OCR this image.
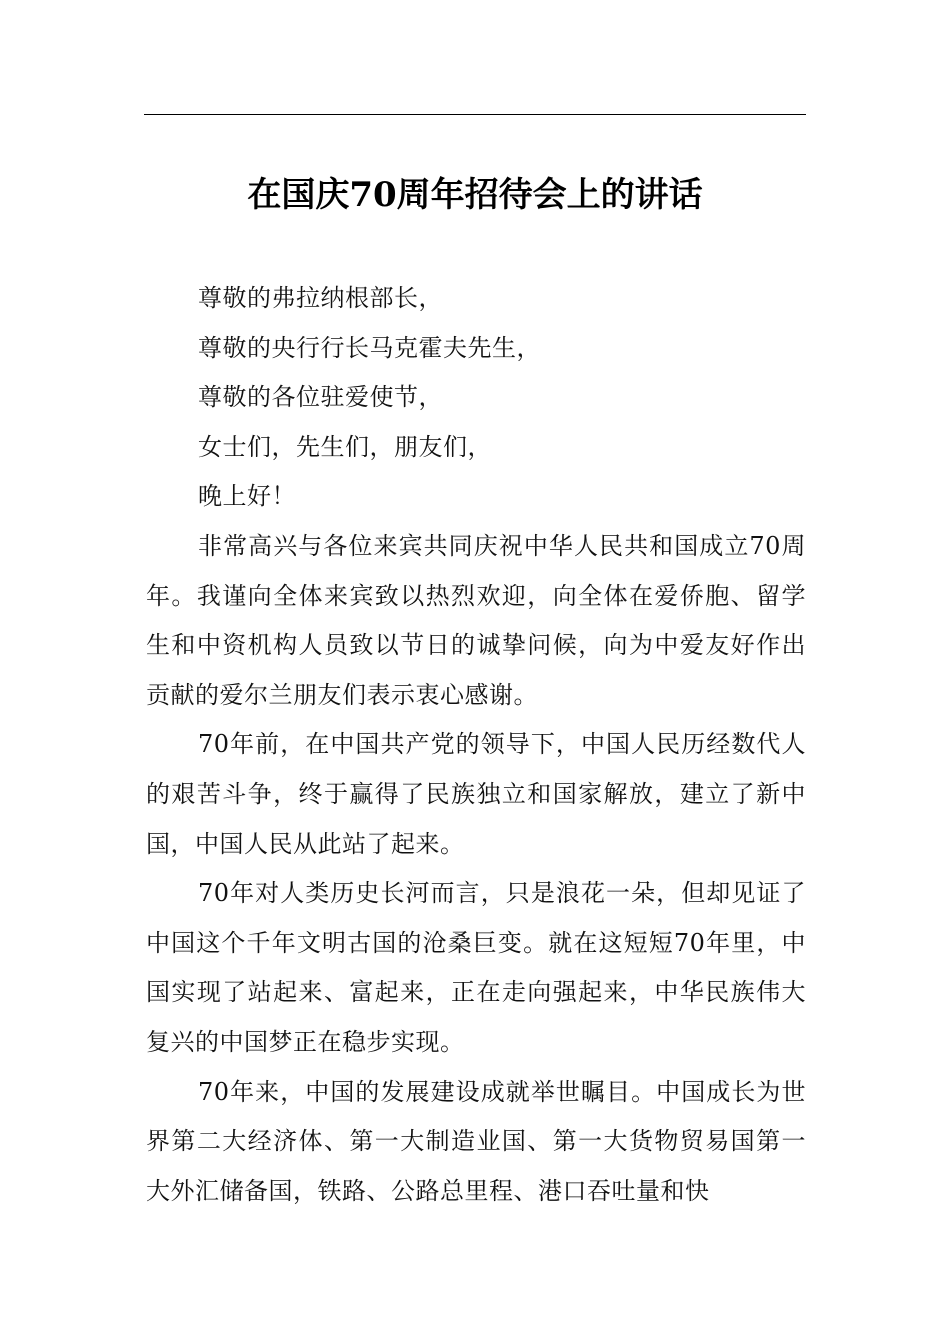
在国庆70周年招待会上的讲话

尊敬的弗拉纳根部长，

尊敬的央行行长马克霍夫先生，

尊敬的各位驻爱使节，

女士们，先生们，朋友们，

晚上好！

非常高兴与各位来宾共同庆祝中华人民共和国成立70周年。我谨向全体来宾致以热烈欢迎，向全体在爱侨胞、留学生和中资机构人员致以节日的诚挚问候，向为中爱友好作出贡献的爱尔兰朋友们表示衷心感谢。

70年前，在中国共产党的领导下，中国人民历经数代人的艰苦斗争，终于赢得了民族独立和国家解放，建立了新中国，中国人民从此站了起来。

70年对人类历史长河而言，只是浪花一朵，但却见证了中国这个千年文明古国的沧桑巨变。就在这短短70年里，中国实现了站起来、富起来，正在走向强起来，中华民族伟大复兴的中国梦正在稳步实现。

70年来，中国的发展建设成就举世瞩目。中国成长为世界第二大经济体、第一大制造业国、第一大货物贸易国第一大外汇储备国，铁路、公路总里程、港口吞吐量和快
